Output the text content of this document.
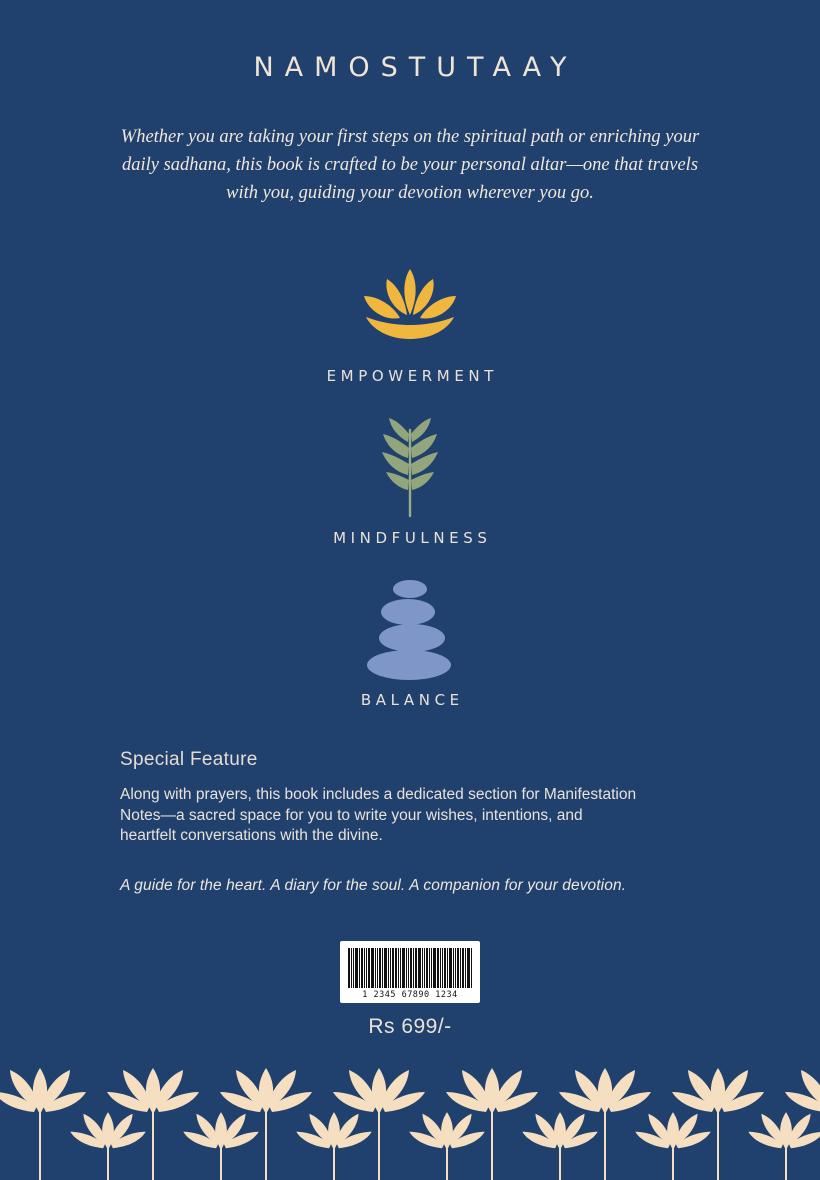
NAMOSTUTAAY

Whether you are taking your first steps on the spiritual path or enriching your daily sadhana, this book is crafted to be your personal altar—one that travels with you, guiding your devotion wherever you go.

EMPOWERMENT
MINDFULNESS
BALANCE
Special Feature
Along with prayers, this book includes a dedicated section for Manifestation Notes—a sacred space for you to write your wishes, intentions, and heartfelt conversations with the divine.
A guide for the heart. A diary for the soul. A companion for your devotion.
1 2345 67890 1234
Rs 699/-
